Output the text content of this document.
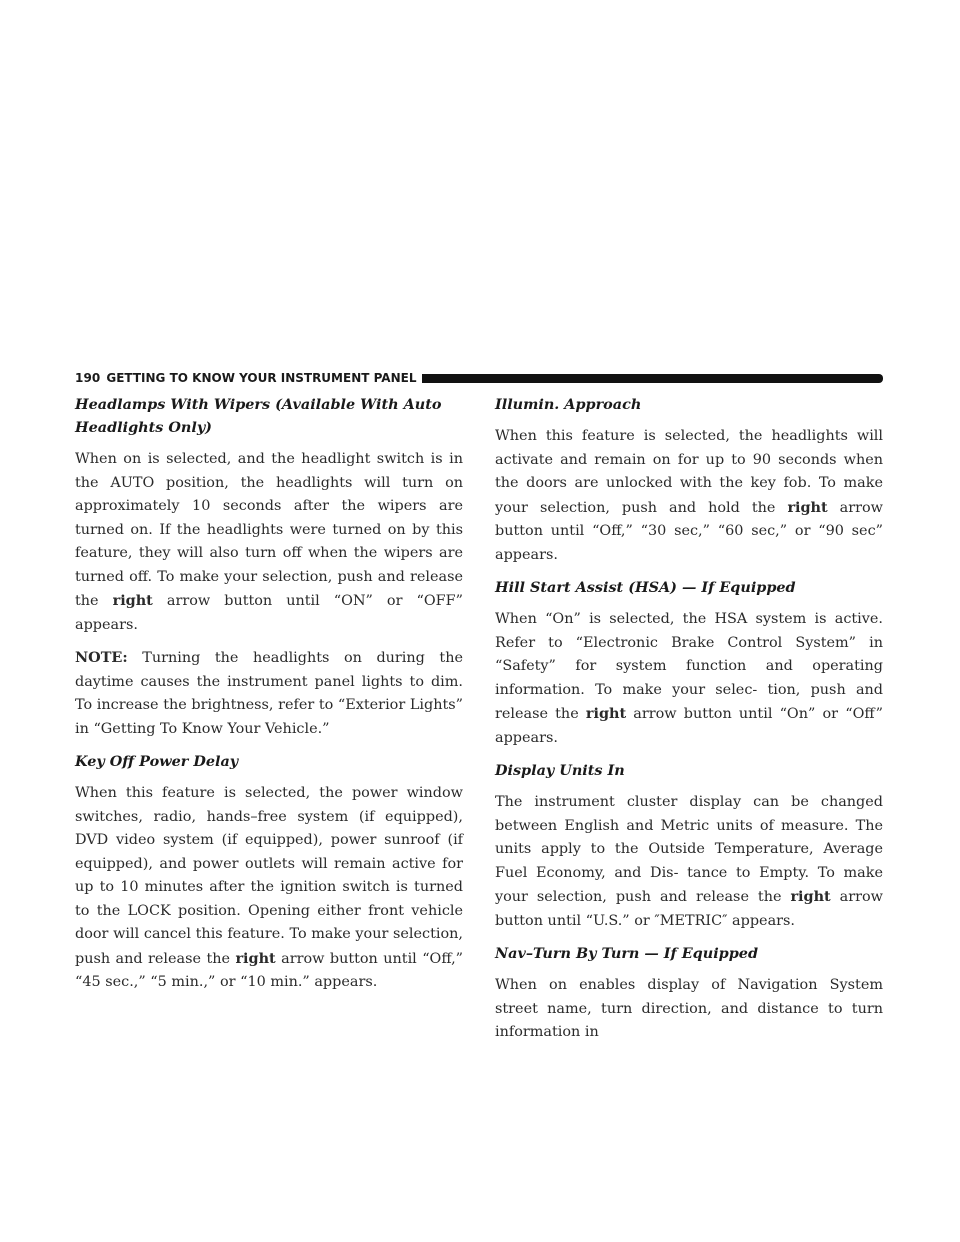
190 GETTING TO KNOW YOUR INSTRUMENT PANEL
Headlamps With Wipers (Available With Auto Headlights Only)

When on is selected, and the headlight switch is in the AUTO position, the headlights will turn on approximately 10 seconds after the wipers are turned on. If the headlights were turned on by this feature, they will also turn off when the wipers are turned off. To make your selection, push and release the right arrow button until “ON” or “OFF” appears.

NOTE: Turning the headlights on during the daytime causes the instrument panel lights to dim. To increase the brightness, refer to “Exterior Lights” in “Getting To Know Your Vehicle.”

Key Off Power Delay

When this feature is selected, the power window switches, radio, hands–free system (if equipped), DVD video system (if equipped), power sunroof (if equipped), and power outlets will remain active for up to 10 minutes after the ignition switch is turned to the LOCK position. Opening either front vehicle door will cancel this feature. To make your selection, push and release the right arrow button until “Off,” “45 sec.,” “5 min.,” or “10 min.” appears.

Illumin. Approach

When this feature is selected, the headlights will activate and remain on for up to 90 seconds when the doors are unlocked with the key fob. To make your selection, push and hold the right arrow button until “Off,” “30 sec,” “60 sec,” or “90 sec” appears.

Hill Start Assist (HSA) — If Equipped

When “On” is selected, the HSA system is active. Refer to “Electronic Brake Control System” in “Safety” for system function and operating information. To make your selec- tion, push and release the right arrow button until “On” or “Off” appears.

Display Units In

The instrument cluster display can be changed between English and Metric units of measure. The units apply to the Outside Temperature, Average Fuel Economy, and Dis- tance to Empty. To make your selection, push and release the right arrow button until “U.S.” or ″METRIC″ appears.

Nav–Turn By Turn — If Equipped

When on enables display of Navigation System street name, turn direction, and distance to turn information in
